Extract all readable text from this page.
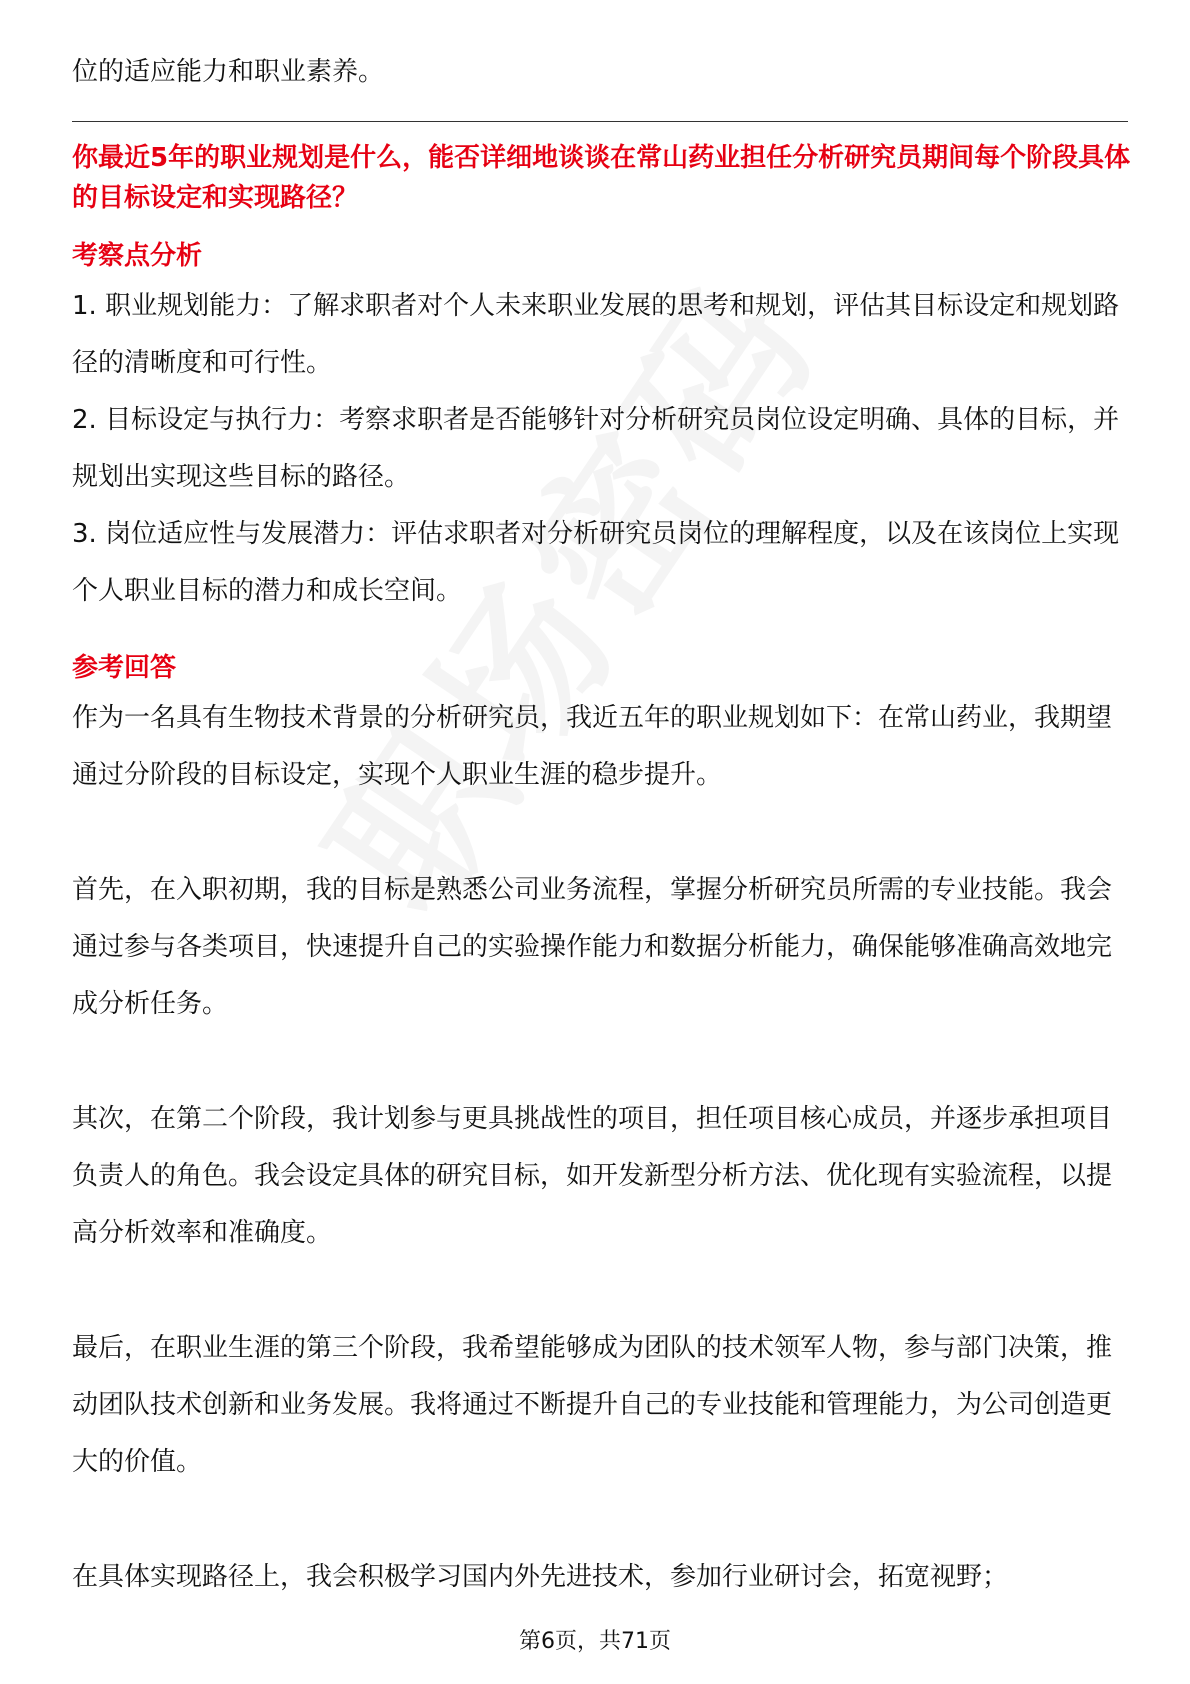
位的适应能力和职业素养。

你最近5年的职业规划是什么，能否详细地谈谈在常山药业担任分析研究员期间每个阶段具体的目标设定和实现路径？

考察点分析

1. 职业规划能力：了解求职者对个人未来职业发展的思考和规划，评估其目标设定和规划路径的清晰度和可行性。

2. 目标设定与执行力：考察求职者是否能够针对分析研究员岗位设定明确、具体的目标，并规划出实现这些目标的路径。

3. 岗位适应性与发展潜力：评估求职者对分析研究员岗位的理解程度，以及在该岗位上实现个人职业目标的潜力和成长空间。

参考回答

作为一名具有生物技术背景的分析研究员，我近五年的职业规划如下：在常山药业，我期望通过分阶段的目标设定，实现个人职业生涯的稳步提升。

首先，在入职初期，我的目标是熟悉公司业务流程，掌握分析研究员所需的专业技能。我会通过参与各类项目，快速提升自己的实验操作能力和数据分析能力，确保能够准确高效地完成分析任务。

其次，在第二个阶段，我计划参与更具挑战性的项目，担任项目核心成员，并逐步承担项目负责人的角色。我会设定具体的研究目标，如开发新型分析方法、优化现有实验流程，以提高分析效率和准确度。

最后，在职业生涯的第三个阶段，我希望能够成为团队的技术领军人物，参与部门决策，推动团队技术创新和业务发展。我将通过不断提升自己的专业技能和管理能力，为公司创造更大的价值。

在具体实现路径上，我会积极学习国内外先进技术，参加行业研讨会，拓宽视野；

第6页，共71页
